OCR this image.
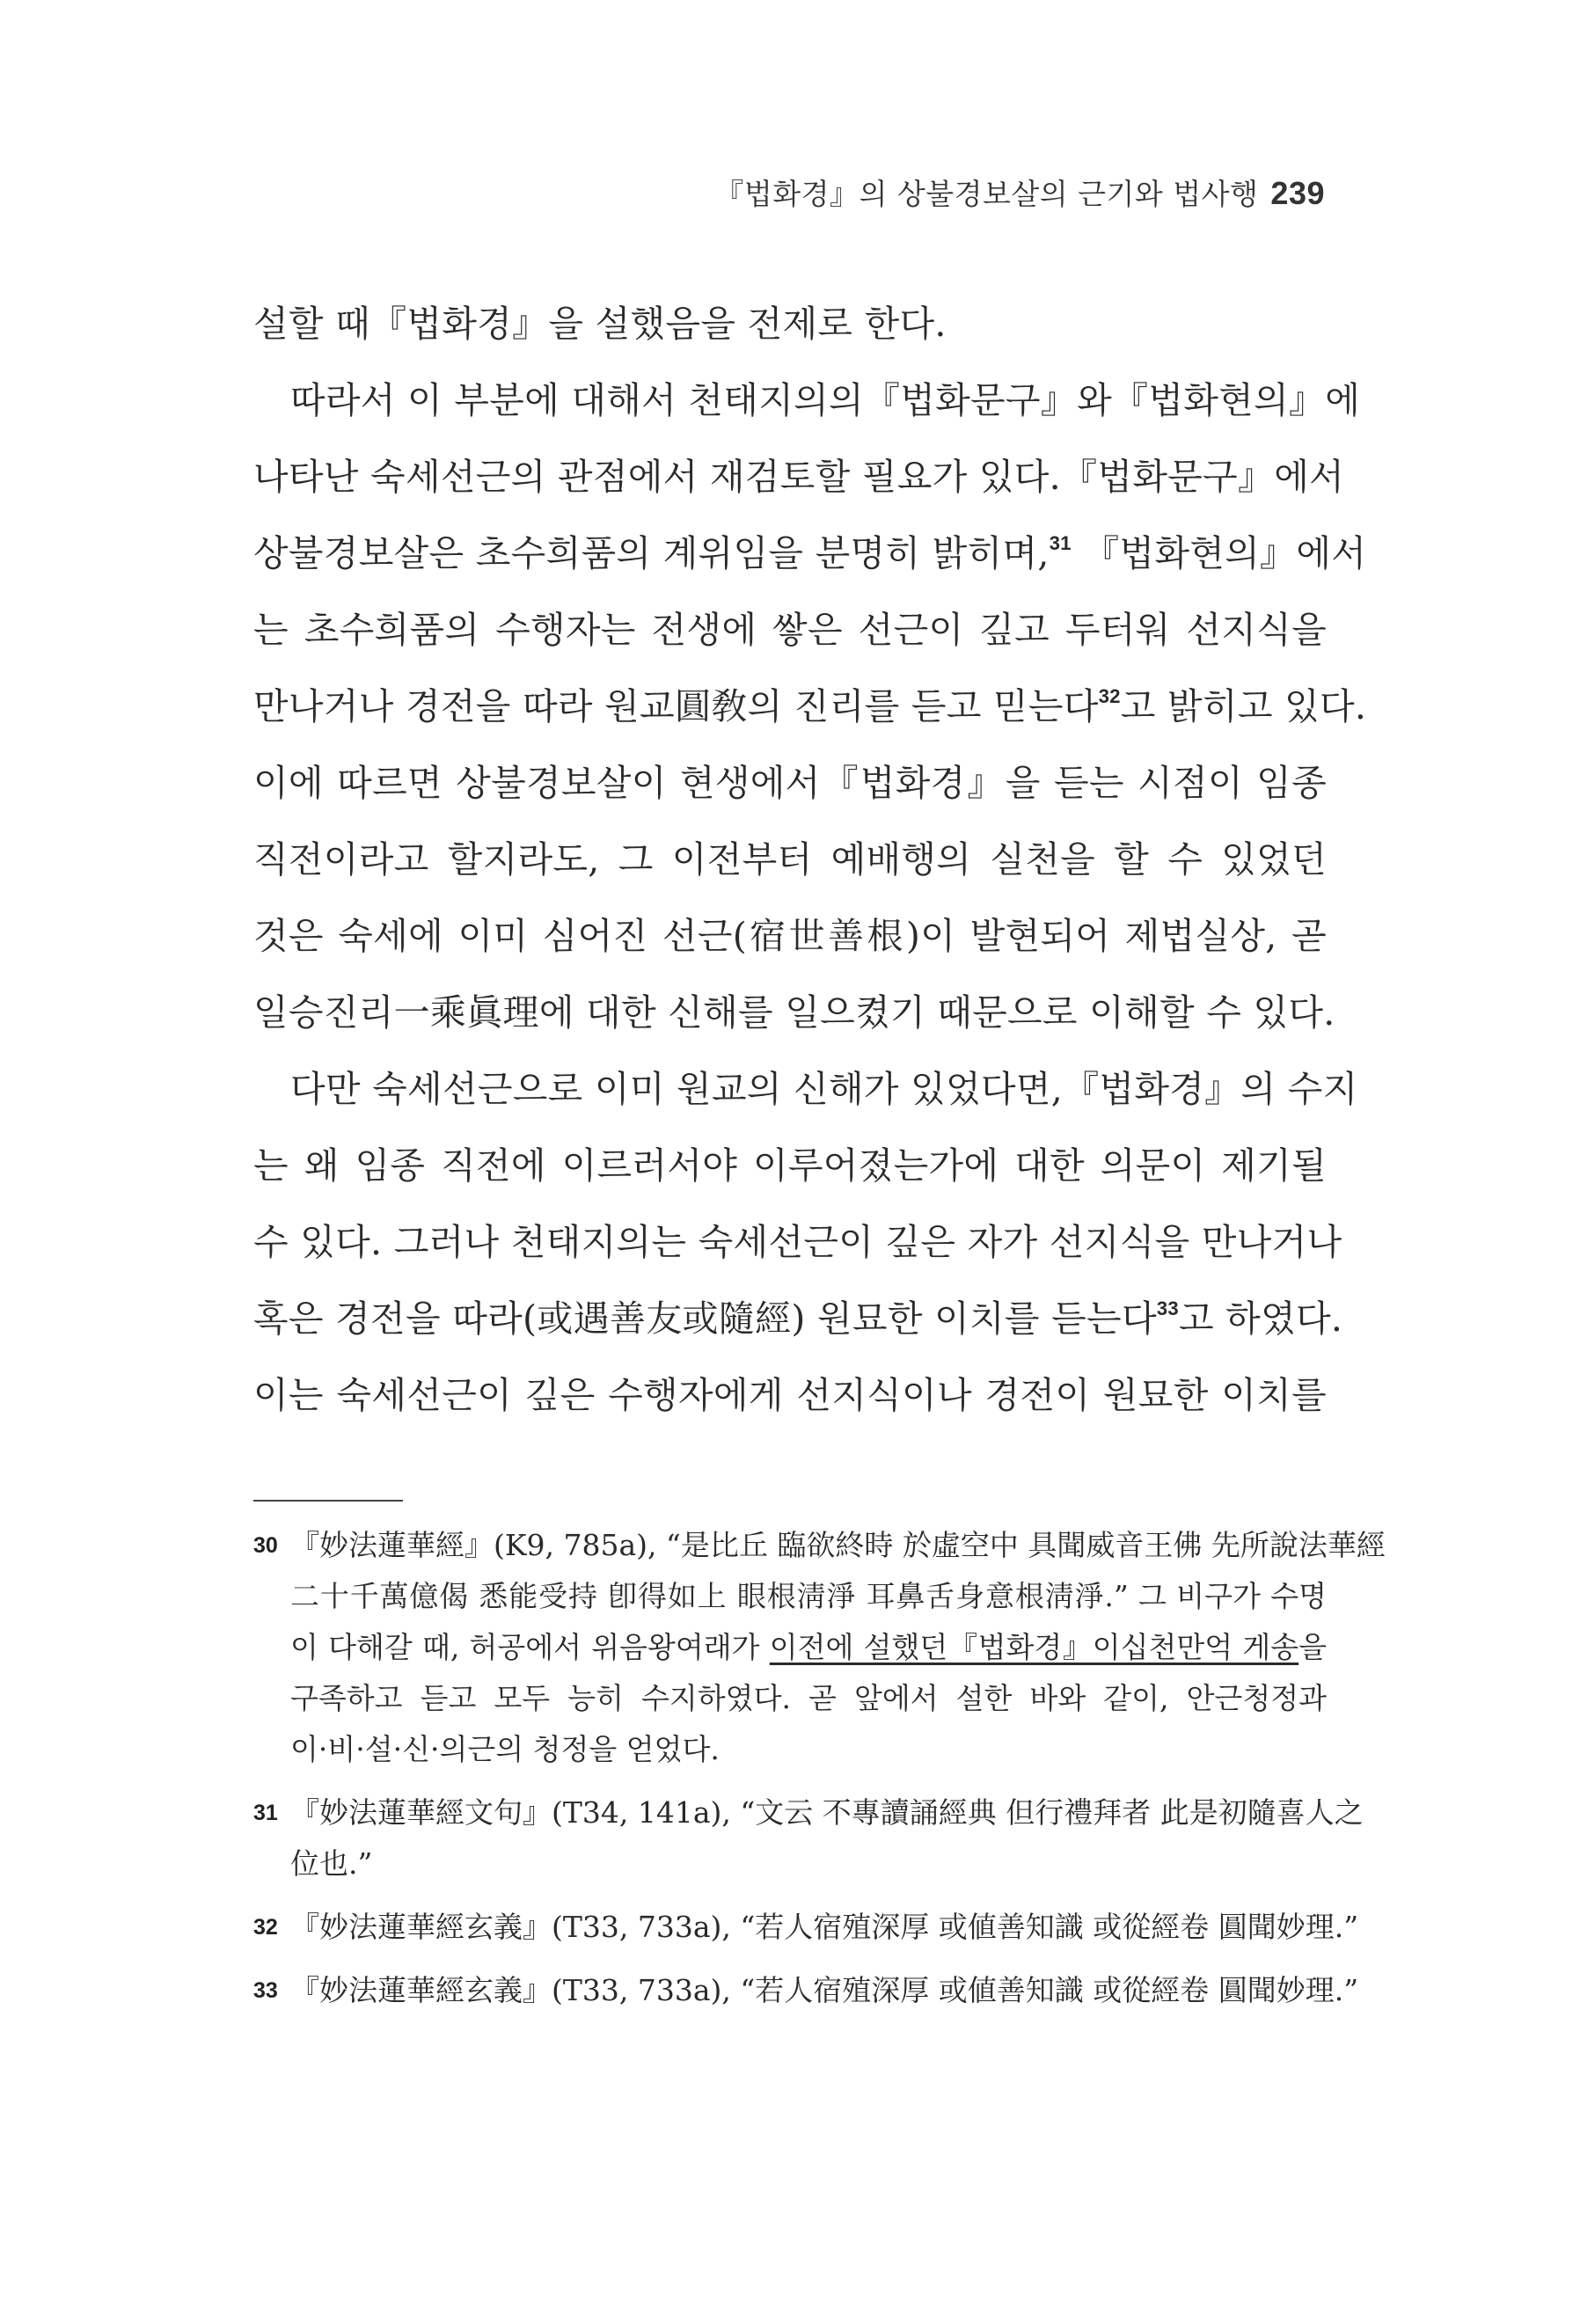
『법화경』의 상불경보살의 근기와 법사행 239
설할 때『법화경』을 설했음을 전제로 한다.
따라서 이 부분에 대해서 천태지의의『법화문구』와『법화현의』에
나타난 숙세선근의 관점에서 재검토할 필요가 있다.『법화문구』에서
상불경보살은 초수희품의 계위임을 분명히 밝히며,$^{31}$ 『법화현의』에서
는 초수희품의 수행자는 전생에 쌓은 선근이 깊고 두터워 선지식을
만나거나 경전을 따라 원교圓敎의 진리를 듣고 믿는다$^{32}$고 밝히고 있다.
이에 따르면 상불경보살이 현생에서『법화경』을 듣는 시점이 임종
직전이라고 할지라도, 그 이전부터 예배행의 실천을 할 수 있었던
것은 숙세에 이미 심어진 선근(宿世善根)이 발현되어 제법실상, 곧
일승진리一乘眞理에 대한 신해를 일으켰기 때문으로 이해할 수 있다.
다만 숙세선근으로 이미 원교의 신해가 있었다면,『법화경』의 수지
는 왜 임종 직전에 이르러서야 이루어졌는가에 대한 의문이 제기될
수 있다. 그러나 천태지의는 숙세선근이 깊은 자가 선지식을 만나거나
혹은 경전을 따라(或遇善友或隨經) 원묘한 이치를 듣는다$^{33}$고 하였다.
이는 숙세선근이 깊은 수행자에게 선지식이나 경전이 원묘한 이치를
30 『妙法蓮華經』(K9, 785a), “是比丘 臨欲終時 於虛空中 具聞威音王佛 先所說法華經
二十千萬億偈 悉能受持 卽得如上 眼根淸淨 耳鼻舌身意根淸淨.” 그 비구가 수명
이 다해갈 때, 허공에서 위음왕여래가 이전에 설했던『법화경』이십천만억 게송을
구족하고 듣고 모두 능히 수지하였다. 곧 앞에서 설한 바와 같이, 안근청정과
이·비·설·신·의근의 청정을 얻었다.
31 『妙法蓮華經文句』(T34, 141a), “文云 不專讀誦經典 但行禮拜者 此是初隨喜人之
位也.”
32 『妙法蓮華經玄義』(T33, 733a), “若人宿殖深厚 或値善知識 或從經卷 圓聞妙理.”
33 『妙法蓮華經玄義』(T33, 733a), “若人宿殖深厚 或値善知識 或從經卷 圓聞妙理.”
